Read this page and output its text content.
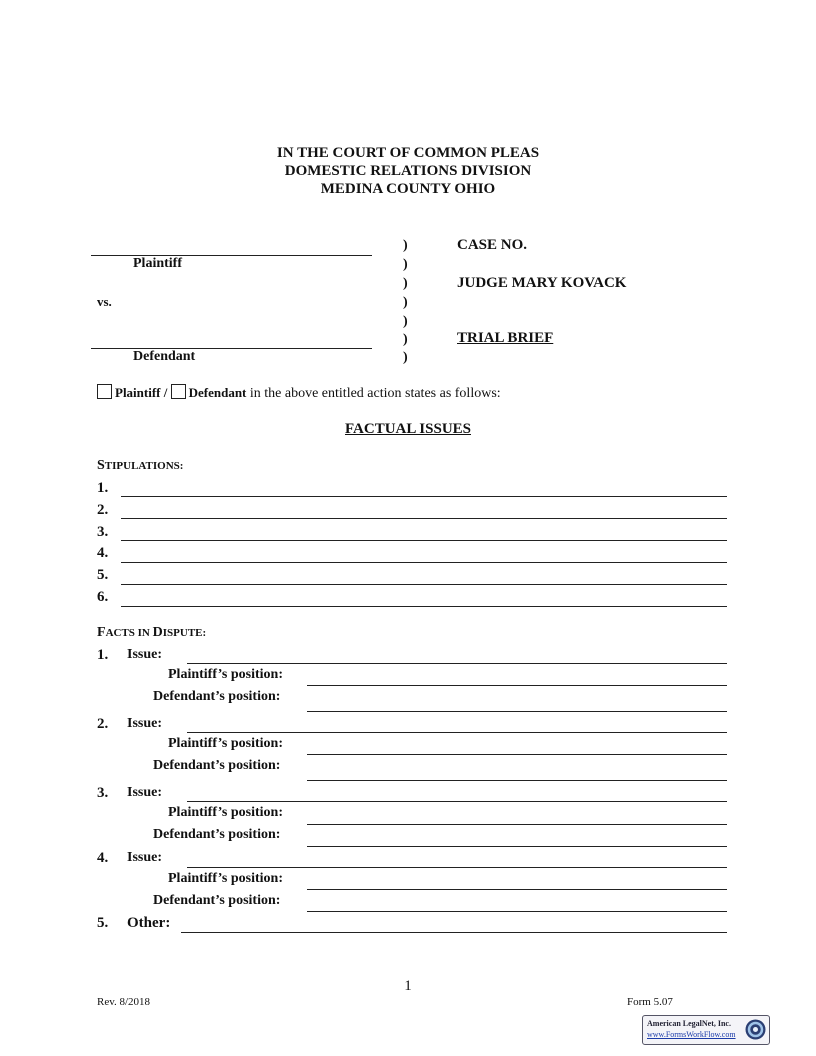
IN THE COURT OF COMMON PLEAS
DOMESTIC RELATIONS DIVISION
MEDINA COUNTY OHIO
Plaintiff
vs.
Defendant
)
)
)
)
)
)
)
CASE NO.
JUDGE MARY KOVACK
TRIAL BRIEF
Plaintiff / Defendant in the above entitled action states as follows:
FACTUAL ISSUES
STIPULATIONS:
1.
2.
3.
4.
5.
6.
FACTS IN DISPUTE:
1. Issue:
Plaintiff’s position:
Defendant’s position:
2. Issue:
Plaintiff’s position:
Defendant’s position:
3. Issue:
Plaintiff’s position:
Defendant’s position:
4. Issue:
Plaintiff’s position:
Defendant’s position:
5. Other:
1
Rev. 8/2018	Form 5.07
American LegalNet, Inc.
www.FormsWorkFlow.com
